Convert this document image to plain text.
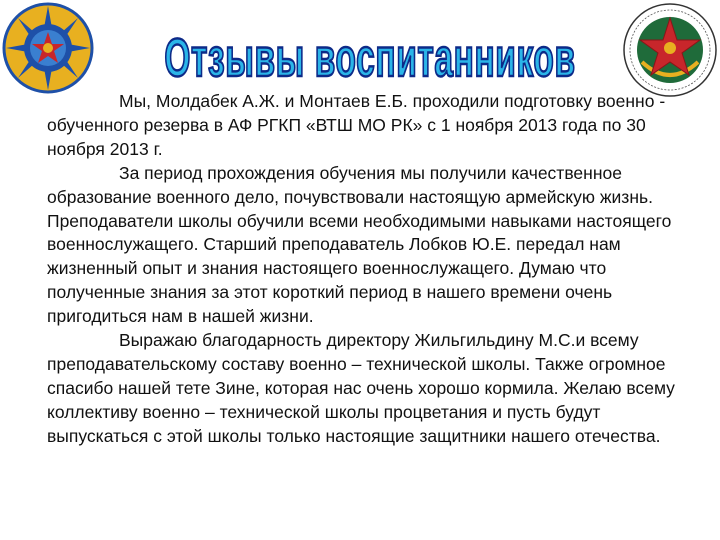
Отзывы воспитанников

Мы, Молдабек А.Ж. и Монтаев Е.Б. проходили подготовку военно - обученного резерва в АФ РГКП «ВТШ МО РК» с 1 ноября 2013 года по 30 ноября 2013 г.

За период прохождения обучения мы получили качественное образование военного дело, почувствовали настоящую армейскую жизнь. Преподаватели школы обучили всеми необходимыми навыками настоящего военнослужащего. Старший преподаватель Лобков Ю.Е. передал нам жизненный опыт и знания настоящего военнослужащего. Думаю что полученные знания за этот короткий период в нашего времени очень пригодиться нам в нашей жизни.

Выражаю благодарность директору Жильгильдину М.С.и всему преподавательскому составу военно – технической школы. Также огромное спасибо нашей тете Зине, которая нас очень хорошо кормила. Желаю всему коллективу военно – технической школы процветания и пусть будут выпускаться с этой школы только настоящие защитники нашего отечества.
